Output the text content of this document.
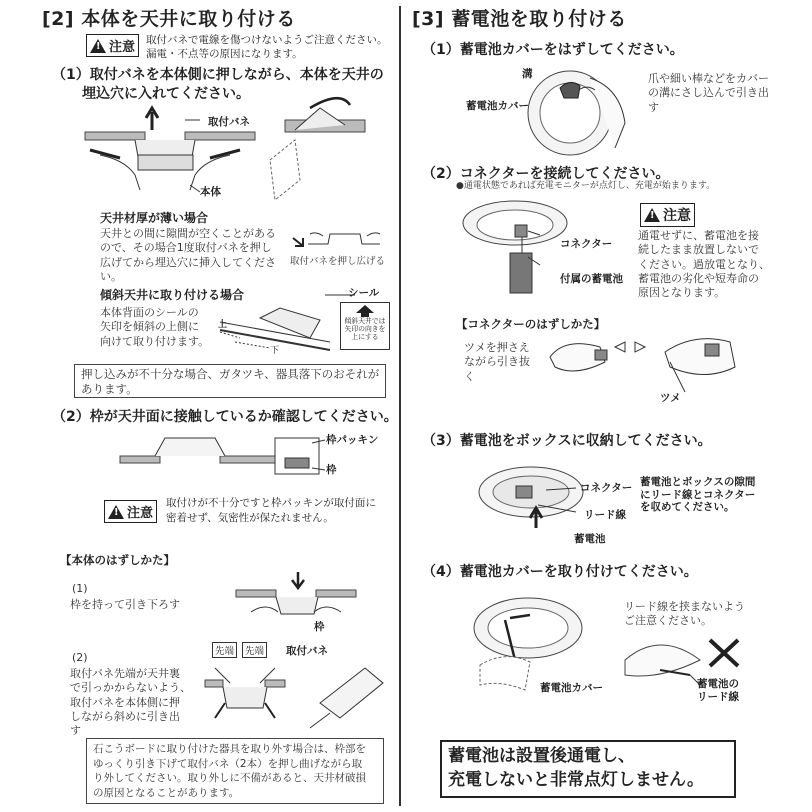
[2] 本体を天井に取り付ける
!
注意 取付バネで電線を傷つけないようご注意ください。
漏電・不点等の原因になります。
（1）取付バネを本体側に押しながら、本体を天井の
埋込穴に入れてください。
取付バネ
本体
天井材厚が薄い場合
天井との間に隙間が空くことがある
ので、その場合1度取付バネを押し
広げてから埋込穴に挿入してくださ
い。
取付バネを押し広げる
傾斜天井に取り付ける場合
本体背面のシールの
矢印を傾斜の上側に
向けて取り付けます。
上
下
シール
傾斜天井では
矢印の向きを
上にする
押し込みが不十分な場合、ガタツキ、器具落下のおそれが
あります。
（2）枠が天井面に接触しているか確認してください。
枠パッキン
枠
!
注意
取付けが不十分ですと枠パッキンが取付面に
密着せず、気密性が保たれません。
【本体のはずしかた】
(1)
枠を持って引き下ろす
枠
(2)
取付バネ先端が天井裏
で引っかからないよう、
取付バネを本体側に押
しながら斜めに引き出
す
先端	先端 取付バネ
石こうボードに取り付けた器具を取り外す場合は、枠部を
ゆっくり引き下げて取付バネ（2本）を押し曲げながら取
り外してください。取り外しに不備があると、天井材破損
の原因となることがあります。
[3] 蓄電池を取り付ける
（1）蓄電池カバーをはずしてください。
溝
蓄電池カバー
爪や細い棒などをカバー
の溝にさし込んで引き出
す
（2）コネクターを接続してください。
●通電状態であれば充電モニターが点灯し、充電が始まります。
コネクター
付属の蓄電池
!
注意
通電せずに、蓄電池を接
続したまま放置しないで
ください。過放電となり、
蓄電池の劣化や短寿命の
原因となります。
【コネクターのはずしかた】
ツメを押さえ
ながら引き抜
く
ツメ
（3）蓄電池をボックスに収納してください。
コネクター
リード線
蓄電池
蓄電池とボックスの隙間
にリード線とコネクター
を収めてください。
（4）蓄電池カバーを取り付けてください。
蓄電池カバー
リード線を挟まないよう
ご注意ください。
蓄電池の
リード線
蓄電池は設置後通電し、
充電しないと非常点灯しません。
